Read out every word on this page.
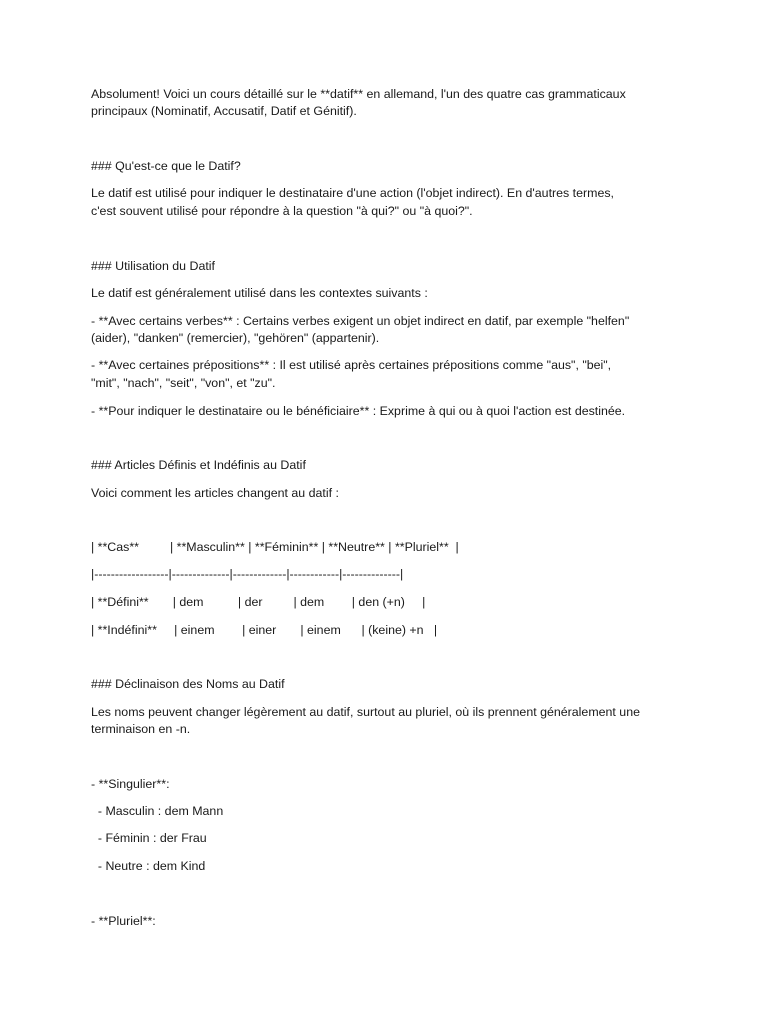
Absolument! Voici un cours détaillé sur le **datif** en allemand, l'un des quatre cas grammaticaux
principaux (Nominatif, Accusatif, Datif et Génitif).
### Qu'est-ce que le Datif?
Le datif est utilisé pour indiquer le destinataire d'une action (l'objet indirect). En d'autres termes,
c'est souvent utilisé pour répondre à la question "à qui?" ou "à quoi?".
### Utilisation du Datif
Le datif est généralement utilisé dans les contextes suivants :
- **Avec certains verbes** : Certains verbes exigent un objet indirect en datif, par exemple "helfen"
(aider), "danken" (remercier), "gehören" (appartenir).
- **Avec certaines prépositions** : Il est utilisé après certaines prépositions comme "aus", "bei",
"mit", "nach", "seit", "von", et "zu".
- **Pour indiquer le destinataire ou le bénéficiaire** : Exprime à qui ou à quoi l'action est destinée.
### Articles Définis et Indéfinis au Datif
Voici comment les articles changent au datif :
| **Cas**         | **Masculin** | **Féminin** | **Neutre** | **Pluriel**  |
|------------------|--------------|-------------|------------|--------------|
| **Défini**       | dem          | der         | dem        | den (+n)     |
| **Indéfini**     | einem        | einer       | einem      | (keine) +n   |
### Déclinaison des Noms au Datif
Les noms peuvent changer légèrement au datif, surtout au pluriel, où ils prennent généralement une
terminaison en -n.
- **Singulier**:
- Masculin : dem Mann
- Féminin : der Frau
- Neutre : dem Kind
- **Pluriel**:
